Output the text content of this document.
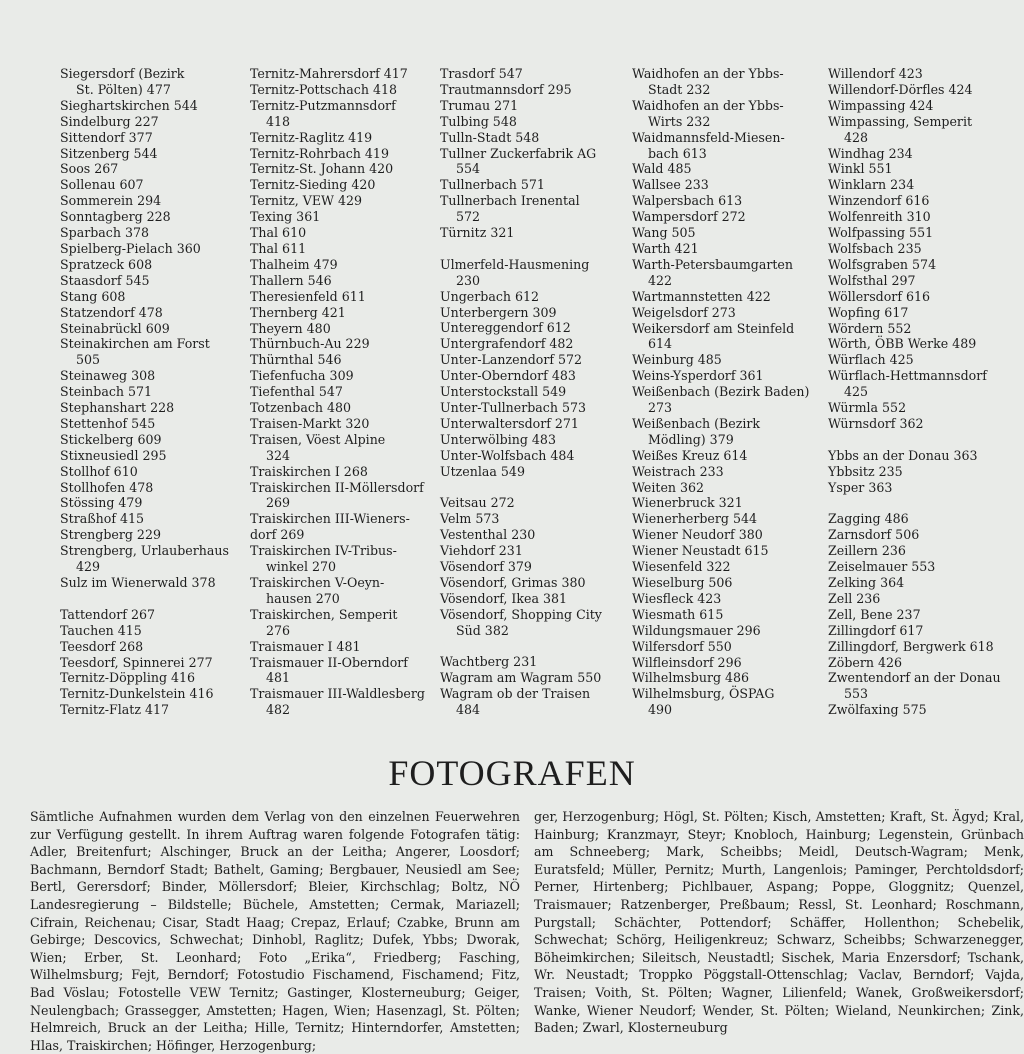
Siegersdorf (Bezirk
St. Pölten) 477
Sieghartskirchen 544
Sindelburg 227
Sittendorf 377
Sitzenberg 544
Soos 267
Sollenau 607
Sommerein 294
Sonntagberg 228
Sparbach 378
Spielberg-Pielach 360
Spratzeck 608
Staasdorf 545
Stang 608
Statzendorf 478
Steinabrückl 609
Steinakirchen am Forst
505
Steinaweg 308
Steinbach 571
Stephanshart 228
Stettenhof 545
Stickelberg 609
Stixneusiedl 295
Stollhof 610
Stollhofen 478
Stössing 479
Straßhof 415
Strengberg 229
Strengberg, Urlauberhaus
429
Sulz im Wienerwald 378
Tattendorf 267
Tauchen 415
Teesdorf 268
Teesdorf, Spinnerei 277
Ternitz-Döppling 416
Ternitz-Dunkelstein 416
Ternitz-Flatz 417
Ternitz-Mahrersdorf 417
Ternitz-Pottschach 418
Ternitz-Putzmannsdorf
418
Ternitz-Raglitz 419
Ternitz-Rohrbach 419
Ternitz-St. Johann 420
Ternitz-Sieding 420
Ternitz, VEW 429
Texing 361
Thal 610
Thal 611
Thalheim 479
Thallern 546
Theresienfeld 611
Thernberg 421
Theyern 480
Thürnbuch-Au 229
Thürnthal 546
Tiefenfucha 309
Tiefenthal 547
Totzenbach 480
Traisen-Markt 320
Traisen, Vöest Alpine
324
Traiskirchen I 268
Traiskirchen II-Möllersdorf
269
Traiskirchen III-Wieners-
dorf 269
Traiskirchen IV-Tribus-
winkel 270
Traiskirchen V-Oeyn-
hausen 270
Traiskirchen, Semperit
276
Traismauer I 481
Traismauer II-Oberndorf
481
Traismauer III-Waldlesberg
482
Trasdorf 547
Trautmannsdorf 295
Trumau 271
Tulbing 548
Tulln-Stadt 548
Tullner Zuckerfabrik AG
554
Tullnerbach 571
Tullnerbach Irenental
572
Türnitz 321
Ulmerfeld-Hausmening
230
Ungerbach 612
Unterbergern 309
Untereggendorf 612
Untergrafendorf 482
Unter-Lanzendorf 572
Unter-Oberndorf 483
Unterstockstall 549
Unter-Tullnerbach 573
Unterwaltersdorf 271
Unterwölbing 483
Unter-Wolfsbach 484
Utzenlaa 549
Veitsau 272
Velm 573
Vestenthal 230
Viehdorf 231
Vösendorf 379
Vösendorf, Grimas 380
Vösendorf, Ikea 381
Vösendorf, Shopping City
Süd 382
Wachtberg 231
Wagram am Wagram 550
Wagram ob der Traisen
484
Waidhofen an der Ybbs-
Stadt 232
Waidhofen an der Ybbs-
Wirts 232
Waidmannsfeld-Miesen-
bach 613
Wald 485
Wallsee 233
Walpersbach 613
Wampersdorf 272
Wang 505
Warth 421
Warth-Petersbaumgarten
422
Wartmannstetten 422
Weigelsdorf 273
Weikersdorf am Steinfeld
614
Weinburg 485
Weins-Ysperdorf 361
Weißenbach (Bezirk Baden)
273
Weißenbach (Bezirk
Mödling) 379
Weißes Kreuz 614
Weistrach 233
Weiten 362
Wienerbruck 321
Wienerherberg 544
Wiener Neudorf 380
Wiener Neustadt 615
Wiesenfeld 322
Wieselburg 506
Wiesfleck 423
Wiesmath 615
Wildungsmauer 296
Wilfersdorf 550
Wilfleinsdorf 296
Wilhelmsburg 486
Wilhelmsburg, ÖSPAG
490
Willendorf 423
Willendorf-Dörfles 424
Wimpassing 424
Wimpassing, Semperit
428
Windhag 234
Winkl 551
Winklarn 234
Winzendorf 616
Wolfenreith 310
Wolfpassing 551
Wolfsbach 235
Wolfsgraben 574
Wolfsthal 297
Wöllersdorf 616
Wopfing 617
Wördern 552
Wörth, ÖBB Werke 489
Würflach 425
Würflach-Hettmannsdorf
425
Würmla 552
Würnsdorf 362
Ybbs an der Donau 363
Ybbsitz 235
Ysper 363
Zagging 486
Zarnsdorf 506
Zeillern 236
Zeiselmauer 553
Zelking 364
Zell 236
Zell, Bene 237
Zillingdorf 617
Zillingdorf, Bergwerk 618
Zöbern 426
Zwentendorf an der Donau
553
Zwölfaxing 575
FOTOGRAFEN

Sämtliche Aufnahmen wurden dem Verlag von den einzelnen Feuerwehren zur Verfügung gestellt. In ihrem Auftrag waren folgende Fotografen tätig: Adler, Breitenfurt; Alschinger, Bruck an der Leitha; Angerer, Loosdorf; Bachmann, Berndorf Stadt; Bathelt, Gaming; Bergbauer, Neusiedl am See; Bertl, Gerersdorf; Binder, Möllersdorf; Bleier, Kirchschlag; Boltz, NÖ Landesregierung – Bildstelle; Büchele, Amstetten; Cermak, Mariazell; Cifrain, Reichenau; Cisar, Stadt Haag; Crepaz, Erlauf; Czabke, Brunn am Gebirge; Descovics, Schwechat; Dinhobl, Raglitz; Dufek, Ybbs; Dworak, Wien; Erber, St. Leonhard; Foto „Erika“, Friedberg; Fasching, Wilhelmsburg; Fejt, Berndorf; Fotostudio Fischamend, Fischamend; Fitz, Bad Vöslau; Fotostelle VEW Ternitz; Gastinger, Klosterneuburg; Geiger, Neulengbach; Grassegger, Amstetten; Hagen, Wien; Hasenzagl, St. Pölten; Helmreich, Bruck an der Leitha; Hille, Ternitz; Hinterndorfer, Amstetten; Hlas, Traiskirchen; Höfinger, Herzogenburg;

ger, Herzogenburg; Högl, St. Pölten; Kisch, Amstetten; Kraft, St. Ägyd; Kral, Hainburg; Kranzmayr, Steyr; Knobloch, Hainburg; Legenstein, Grünbach am Schneeberg; Mark, Scheibbs; Meidl, Deutsch-Wagram; Menk, Euratsfeld; Müller, Pernitz; Murth, Langenlois; Paminger, Perchtoldsdorf; Perner, Hirtenberg; Pichlbauer, Aspang; Poppe, Gloggnitz; Quenzel, Traismauer; Ratzenberger, Preßbaum; Ressl, St. Leonhard; Roschmann, Purgstall; Schächter, Pottendorf; Schäffer, Hollenthon; Schebelik, Schwechat; Schörg, Heiligenkreuz; Schwarz, Scheibbs; Schwarzenegger, Böheimkirchen; Sileitsch, Neustadtl; Sischek, Maria Enzersdorf; Tschank, Wr. Neustadt; Troppko Pöggstall-Ottenschlag; Vaclav, Berndorf; Vajda, Traisen; Voith, St. Pölten; Wagner, Lilienfeld; Wanek, Großweikersdorf; Wanke, Wiener Neudorf; Wender, St. Pölten; Wieland, Neunkirchen; Zink, Baden; Zwarl, Klosterneuburg
